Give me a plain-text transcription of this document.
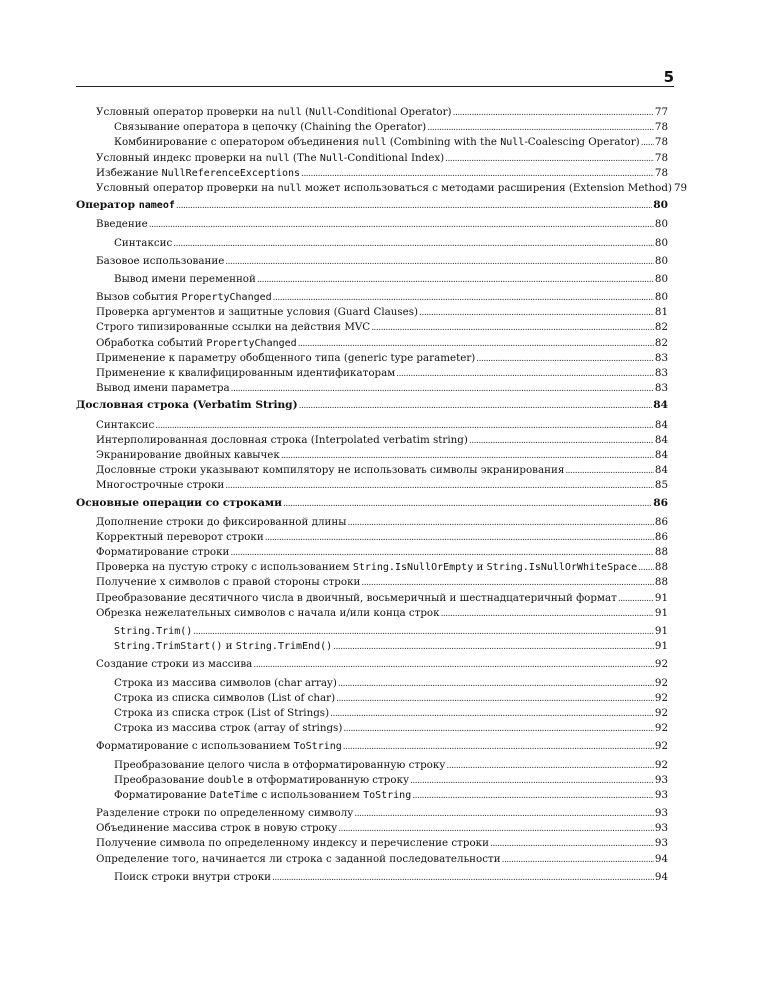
5
Условный оператор проверки на null (Null-Conditional Operator) .....	77
Связывание оператора в цепочку (Chaining the Operator) .....	78
Комбинирование с оператором объединения null (Combining with the Null-Coalescing Operator) ..... 78
Условный индекс проверки на null (The Null-Conditional Index) .....	78
Избежание NullReferenceExceptions .....	78
Условный оператор проверки на null может использоваться с методами расширения (Extension Method) 79
Оператор nameof .....	80
Введение .....	80
Синтаксис .....	80
Базовое использование .....	80
Вывод имени переменной .....	80
Вызов события PropertyChanged .....	80
Проверка аргументов и защитные условия (Guard Clauses) .....	81
Строго типизированные ссылки на действия MVC .....	82
Обработка событий PropertyChanged .....	82
Применение к параметру обобщенного типа (generic type parameter) .....	83
Применение к квалифицированным идентификаторам .....	83
Вывод имени параметра .....	83
Дословная строка (Verbatim String) .....	84
Синтаксис .....	84
Интерполированная дословная строка (Interpolated verbatim string) .....	84
Экранирование двойных кавычек .....	84
Дословные строки указывают компилятору не использовать символы экранирования .....	84
Многострочные строки .....	85
Основные операции со строками .....	86
Дополнение строки до фиксированной длины .....	86
Корректный переворот строки .....	86
Форматирование строки .....	88
Проверка на пустую строку с использованием String.IsNullOrEmpty и String.IsNullOrWhiteSpace ..... 88
Получение x символов с правой стороны строки .....	88
Преобразование десятичного числа в двоичный, восьмеричный и шестнадцатеричный формат .....	91
Обрезка нежелательных символов с начала и/или конца строк .....	91
String.Trim() .....	91
String.TrimStart() и String.TrimEnd() .....	91
Создание строки из массива .....	92
Строка из массива символов (char array) .....	92
Строка из списка символов (List of char) .....	92
Строка из списка строк (List of Strings) .....	92
Строка из массива строк (array of strings) .....	92
Форматирование с использованием ToString .....	92
Преобразование целого числа в отформатированную строку .....	92
Преобразование double в отформатированную строку .....	93
Форматирование DateTime с использованием ToString .....	93
Разделение строки по определенному символу .....	93
Объединение массива строк в новую строку .....	93
Получение символа по определенному индексу и перечисление строки .....	93
Определение того, начинается ли строка с заданной последовательности .....	94
Поиск строки внутри строки .....	94
